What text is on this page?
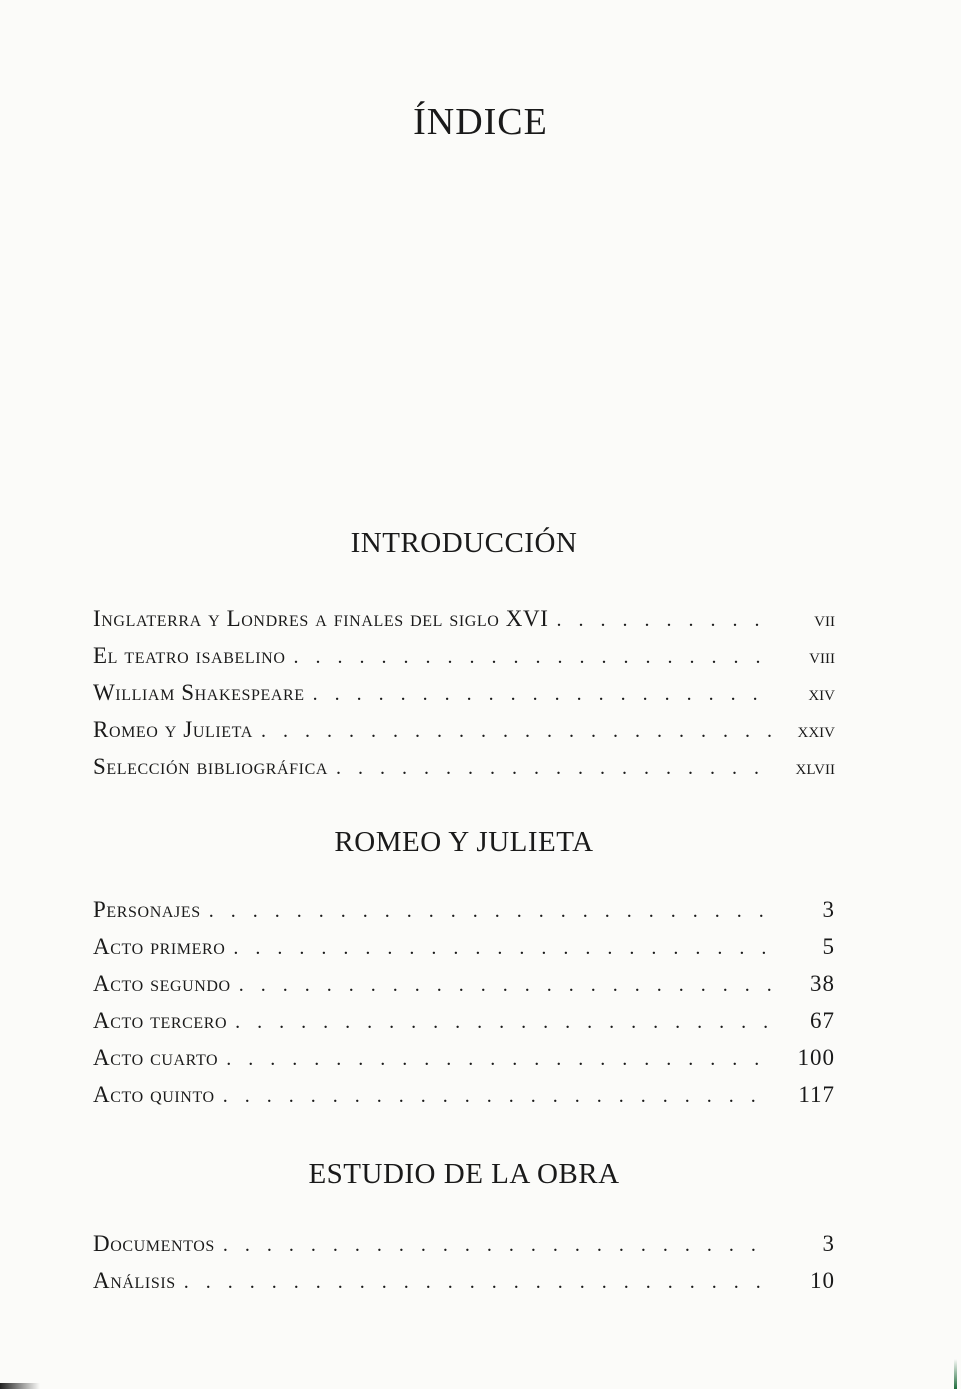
ÍNDICE
INTRODUCCIÓN
Inglaterra y Londres a finales del siglo XVI . . .	vii
El teatro isabelino . . .	viii
William Shakespeare . . .	xiv
Romeo y Julieta . . .	xxiv
Selección bibliográfica . . .	xlvii
ROMEO Y JULIETA
Personajes . . .	3
Acto primero . . .	5
Acto segundo . . .	38
Acto tercero . . .	67
Acto cuarto . . .	100
Acto quinto . . .	117
ESTUDIO DE LA OBRA
Documentos . . .	3
Análisis . . .	10
